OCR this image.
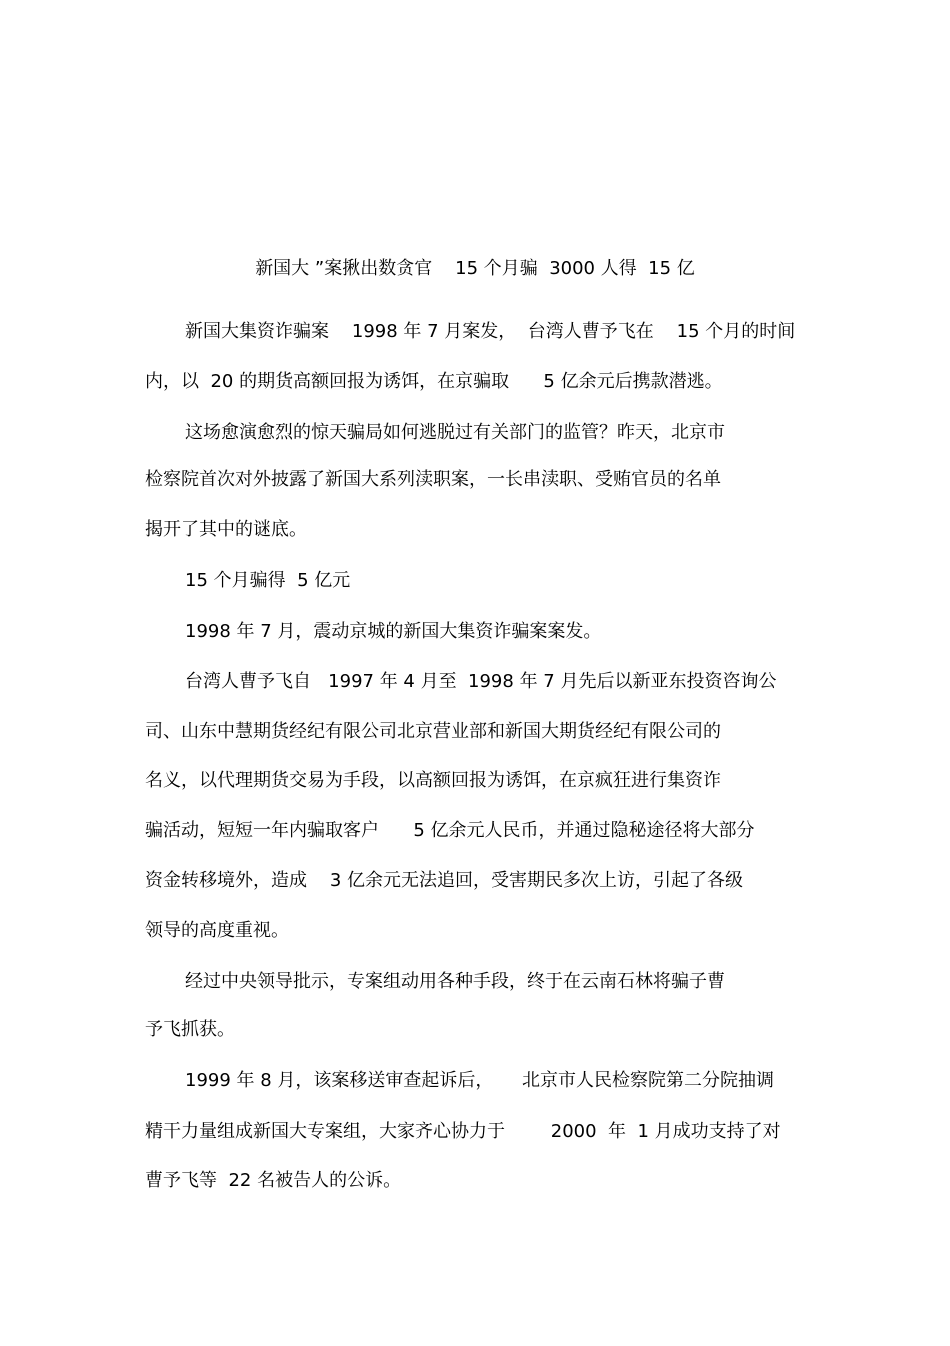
新国大 ”案揪出数贪官    15 个月骗  3000 人得  15 亿

新国大集资诈骗案    1998 年 7 月案发，  台湾人曹予飞在    15 个月的时间

内，以  20 的期货高额回报为诱饵，在京骗取      5 亿余元后携款潜逃。

这场愈演愈烈的惊天骗局如何逃脱过有关部门的监管？昨天，北京市

检察院首次对外披露了新国大系列渎职案，一长串渎职、受贿官员的名单

揭开了其中的谜底。

15 个月骗得  5 亿元

1998 年 7 月，震动京城的新国大集资诈骗案案发。

台湾人曹予飞自   1997 年 4 月至  1998 年 7 月先后以新亚东投资咨询公

司、山东中慧期货经纪有限公司北京营业部和新国大期货经纪有限公司的

名义，以代理期货交易为手段，以高额回报为诱饵，在京疯狂进行集资诈

骗活动，短短一年内骗取客户      5 亿余元人民币，并通过隐秘途径将大部分

资金转移境外，造成    3 亿余元无法追回，受害期民多次上访，引起了各级

领导的高度重视。

经过中央领导批示，专案组动用各种手段，终于在云南石林将骗子曹

予飞抓获。

1999 年 8 月，该案移送审查起诉后，     北京市人民检察院第二分院抽调

精干力量组成新国大专案组，大家齐心协力于        2000  年  1 月成功支持了对

曹予飞等  22 名被告人的公诉。
